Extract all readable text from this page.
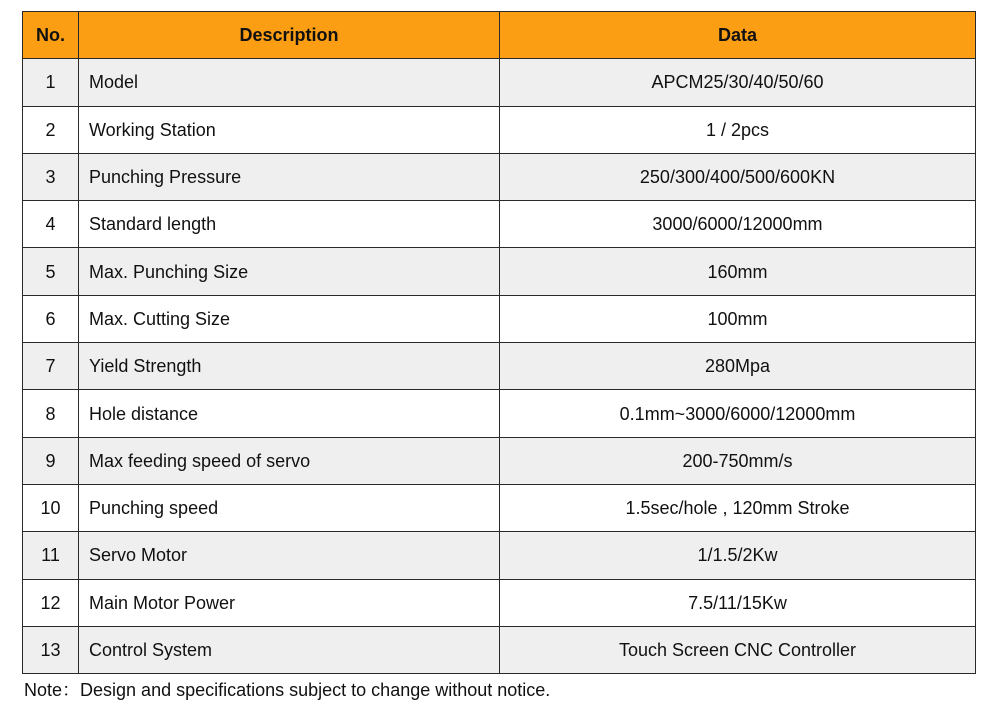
No.	Description	Data
1	Model	APCM25/30/40/50/60
2	Working Station	1 / 2pcs
3	Punching Pressure	250/300/400/500/600KN
4	Standard length	3000/6000/12000mm
5	Max. Punching Size	160mm
6	Max. Cutting Size	100mm
7	Yield Strength	280Mpa
8	Hole distance	0.1mm~3000/6000/12000mm
9	Max feeding speed of servo	200-750mm/s
10	Punching speed	1.5sec/hole , 120mm Stroke
11	Servo Motor	1/1.5/2Kw
12	Main Motor Power	7.5/11/15Kw
13	Control System	Touch Screen CNC Controller
Note：Design and specifications subject to change without notice.
